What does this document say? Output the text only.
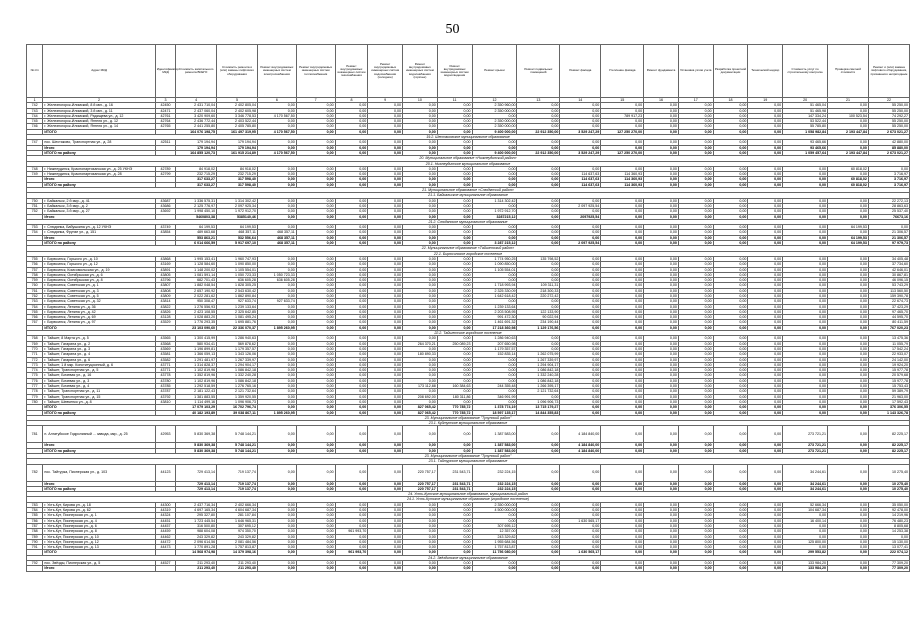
50
№ п/п	Адрес МКД	Идентификатор МКД	Стоимость капитального ремонта ВСЕГО	Стоимость ремонта и (или) замены лифтового оборудования	Ремонт внутридомовых инженерных систем электроснабжения	Ремонт внутридомовых инженерных систем теплоснабжения	Ремонт внутридомовых инженерных систем газоснабжения	Ремонт внутридомовых инженерных систем водоснабжения (холодное)	Ремонт внутридомовых инженерных систем водоснабжения (горячее)	Ремонт внутридомовых инженерных систем водоотведения	Ремонт крыши	Ремонт подвальных помещений	Ремонт фасада	Утепление фасада	Ремонт фундамента	Установка узлов учета	Разработка проектной документации	Технический надзор	Стоимость услуг по строительному контролю	Проверка сметной стоимости	Ремонт и (или) замена лифтового оборудования, признанного непригодным
1	2	3	4	5	6	7	8	9	10	11	12	13	14	15	16	17	18	19	20	21	22
742	г. Железногорск-Илимский, 8 й квл., д. 16	42450	2 431 710,04	2 402 805,04	0,00	0,00	0,00	0,00	0,00	0,00	2 350 960,00	0,00	0,00	0,00	0,00	0,00	0,00	0,00	51 465,04	0,00	55 250,00
743	г. Железногорск-Илимский, 3 й квл., д. 11	42471	2 437 060,04	2 402 605,98	0,00	0,00	0,00	0,00	0,00	0,00	2 350 000,00	0,00	0,00	0,00	0,00	0,00	0,00	0,00	51 465,98	0,00	55 250,00
744	г. Железногорск-Илимский, Радищева ул., д. 12	42761	3 420 909,60	3 346 778,53	4 170 567,50	0,00	0,00	0,00	0,00	0,00	0,00	0,00	0,00	789 917,23	0,00	0,00	0,00	0,00	147 334,24	100 523,54	74 292,27
745	г. Железногорск-Илимский, Янгеля ул., д. 12	42764	2 436 772,44	2 403 522,44	0,00	0,00	0,00	0,00	0,00	0,00	2 350 000,00	0,00	0,00	0,00	0,00	0,00	0,00	0,00	53 522,44	0,00	55 250,00
746	г. Железногорск-Илимский, Янгеля ул., д. 14	42765	2 441 255,80	2 405 785,80	0,00	0,00	0,00	0,00	0,00	0,00	2 350 000,00	0,00	0,00	0,00	0,00	0,00	0,00	0,00	55 785,80	0,00	55 250,00
	ИТОГО		164 076 198,75	161 497 319,95	4 170 567,50	0,00	0,00	0,00	0,00	0,00	9 400 000,00	22 912 350,00	3 529 247,29	127 250 270,00	0,00	0,00	0,00	0,00	1 058 982,84	2 193 447,84	2 673 021,27
19.2. Шестаковское муниципальное образование																					
747	пос. Шестаково, Транспортная ул., д. 28	42511	179 194,94	179 194,94	0,00	0,00	0,00	0,00	0,00	0,00	0,00	0,00	0,00	0,00	0,00	0,00	0,00	0,00	93 465,66	0,00	42 880,00
	Итого		179 194,94	179 194,94	0,00	0,00	0,00	0,00	0,00	0,00	0,00	0,00	0,00	0,00	0,00	0,00	0,00	0,00	93 465,66	0,00	85 880,00
	ИТОГО по району		164 855 120,73	161 915 214,89	4 170 567,50	0,00	0,00	0,00	0,00	0,00	9 400 000,00	22 912 350,00	3 529 247,29	127 250 270,00	0,00	0,00	0,00	0,00	1 059 457,64	2 193 447,84	2 673 021,27
20. Муниципальное образование «Нижнеудинский район»																					
20.1. Нижнеудинское муниципальное образование																					
748	г. Нижнеудинск, Краснопартизанская ул., д. 25 УКНЭ	42789	84 918,02	84 918,02	0,00	0,00	0,00	0,00	0,00	0,00	0,00	0,00	0,00	0,00	0,00	0,00	0,00	0,00	0,00	60 818,02	0,00
749	г. Нижнеудинск, Краснопартизанская ул., д. 28	42799	232 715,29	232 715,29	0,00	0,00	0,00	0,00	0,00	0,00	0,00	0,00	114 637,63	114 360,93	0,00	0,00	0,00	0,00	0,00	0,00	3 716,97
	Итого		317 633,27	317 598,40	0,00	0,00	0,00	0,00	0,00	0,00	0,00	0,00	114 637,63	114 360,93	0,00	0,00	0,00	0,00	0,00	60 818,02	3 716,97
	ИТОГО по району		317 633,27	317 598,40	0,00	0,00	0,00	0,00	0,00	0,00	0,00	0,00	114 637,63	114 360,93	0,00	0,00	0,00	0,00	0,00	60 818,02	3 716,97
21. Муниципальное образование «Слюдянский район»																					
21.1. Байкальское муниципальное образование																					
750	г. Байкальск, 2 й мкр., д. 41	43687	1 336 575,31	1 314 302,42	0,00	0,00	0,00	0,00	0,00	0,00	1 314 302,42	0,00	0,00	0,00	0,00	0,00	0,00	0,00	0,00	0,00	22 272,13
751	г. Байкальск, 3 й мкр., д. 2	43686	2 125 776,97	2 097 925,34	0,00	0,00	0,00	0,00	0,00	0,00	0,00	0,00	2 097 925,54	0,00	0,00	0,00	0,00	0,00	0,00	0,00	28 863,63
752	г. Байкальск, 3 й мкр., д. 27	43692	1 998 450,10	1 972 912,70	0,00	0,00	0,00	0,00	0,00	0,00	1 972 912,70	0,00	0,00	0,00	0,00	0,00	0,00	0,00	0,00	0,00	25 537,40
	Итого		5460803,38	5385140,46	0,00	0,00	0,00	0,00	0,00	0,00	3287215,12	0,00	2097925,54	0,00	0,00	0,00	0,00	0,00	0,00	0,00	76673,16
21.2. Слюдянское муниципальное образование																					
753	г. Слюдянка, Бабушкина ул., д. 12 УКНЭ	43749	64 199,53	64 199,53	0,00	0,00	0,00	0,00	0,00	0,00	0,00	0,00	0,00	0,00	0,00	0,00	0,00	0,00	0,00	64 199,53	0,00
754	г. Слюдянка, Фрунзе ул., д. 151	43854	489 663,68	468 357,11	468 357,11	0,00	0,00	0,00	0,00	0,00	0,00	0,00	0,00	0,00	0,00	0,00	0,00	0,00	0,00	0,00	21 306,57
	Итого		553 863,21	532 556,64	468 357,11	0,00	0,00	0,00	0,00	0,00	0,00	0,00	0,00	0,00	0,00	0,00	0,00	0,00	0,00	64 199,53	21 306,57
	ИТОГО по району		6 014 666,59	5 917 697,10	468 357,11	0,00	0,00	0,00	0,00	0,00	3 287 215,12	0,00	2 097 925,54	0,00	0,00	0,00	0,00	0,00	0,00	64 199,53	97 979,73
22. Муниципальное образование «Тайшетский район»																					
22.1. Бирюсинское городское поселение																					
755	г. Бирюсинск, Горького ул., д. 10	43868	1 995 153,41	1 960 747,93	0,00	0,00	0,00	0,00	0,00	0,00	1 774 950,25	135 798,52	0,00	0,00	0,00	0,00	0,00	0,00	0,00	0,00	34 405,48
756	г. Бирюсинск, Горького ул., д. 12	43169	1 128 584,60	1 090 850,00	0,00	0,00	0,00	0,00	0,00	0,00	1 090 850,00	0,00	0,00	0,00	0,00	0,00	0,00	0,00	0,00	0,00	37 734,60
757	г. Бирюсинск, Комсомольская ул., д. 19	43891	1 148 200,02	1 105 554,01	0,00	0,00	0,00	0,00	0,00	0,00	1 105 554,01	0,00	0,00	0,00	0,00	0,00	0,00	0,00	0,00	0,00	42 646,01
758	г. Бирюсинск, Октябрьская ул., д. 6	43805	1 081 591,14	1 050 723,33	1 050 723,33	0,00	0,00	0,00	0,00	0,00	0,00	0,00	0,00	0,00	0,00	0,00	0,00	0,00	0,00	0,00	30 867,81
759	г. Бирюсинск, Октябрьская ул., д. 8	43796	682 701,43	636 605,28	636 605,28	0,00	0,00	0,00	0,00	0,00	0,00	0,00	0,00	0,00	0,00	0,00	0,00	0,00	0,00	0,00	46 096,15
760	г. Бирюсинск, Советская ул., д. 1	43807	1 882 048,54	1 828 305,25	0,00	0,00	0,00	0,00	0,00	0,00	1 718 993,94	109 311,31	0,00	0,00	0,00	0,00	0,00	0,00	0,00	0,00	53 743,29
761	г. Бирюсинск, Советская ул., д. 3	43808	2 657 190,92	2 543 630,42	0,00	0,00	0,00	0,00	0,00	0,00	2 325 330,09	218 300,33	0,00	0,00	0,00	0,00	0,00	0,00	0,00	0,00	113 560,50
762	г. Бирюсинск, Советская ул., д. 5	43809	2 022 281,62	1 862 890,84	0,00	0,00	0,00	0,00	0,00	0,00	1 642 618,42	220 272,42	0,00	0,00	0,00	0,00	0,00	0,00	0,00	0,00	159 390,78
763	г. Бирюсинск, Советская ул., д. 32	43814	950 308,47	927 633,74	927 633,74	0,00	0,00	0,00	0,00	0,00	0,00	0,00	0,00	0,00	0,00	0,00	0,00	0,00	0,00	0,00	22 674,73
764	г. Бирюсинск, Ленина ул., д. 36	43822	1 276 556,93	1 239 133,64	0,00	0,00	0,00	0,00	0,00	0,00	1 239 133,64	0,00	0,00	0,00	0,00	0,00	0,00	0,00	0,00	0,00	37 423,29
765	г. Бирюсинск, Ленина ул., д. 42	43826	2 423 108,55	2 325 642,85	0,00	0,00	0,00	0,00	0,00	0,00	2 203 508,95	122 133,90	0,00	0,00	0,00	0,00	0,00	0,00	0,00	0,00	97 465,70
766	г. Бирюсинск, Ленина ул., д. 69	43128	1 028 883,20	1 081 495,24	0,00	0,00	0,00	0,00	0,00	0,00	991 472,30	90 022,94	0,00	0,00	0,00	0,00	0,00	0,00	0,00	0,00	44 595,70
767	г. Бирюсинск, Ленина ул., д. 97	43529	1 776 293,35	1 695 881,76	0,00	0,00	0,00	0,00	0,00	0,00	1 461 691,32	234 190,44	0,00	0,00	0,00	0,00	0,00	0,00	0,00	0,00	80 411,59
	ИТОГО		23 103 090,60	22 336 070,37	1 895 260,95	0,00	0,00	0,00	0,00	0,00	17 218 360,98	1 129 176,56	0,00	0,00	0,00	0,00	0,00	0,00	0,00	0,00	767 020,23
22.2. Тайшетское городское поселение																					
768	г. Тайшет, 8 Марта ул., д. 5	43565	1 300 415,99	1 286 940,63	0,00	0,00	0,00	0,00	0,00	0,00	1 286 940,63	0,00	0,00	0,00	0,00	0,00	0,00	0,00	0,00	0,00	13 475,36
769	г. Тайшет, Гагарина ул., д. 2	43568	580 934,41	569 878,62	0,00	0,00	0,00	0,00	264 370,21	250 089,23	207 650,98	0,00	0,00	0,00	0,00	0,00	0,00	0,00	0,00	0,00	11 055,79
770	г. Тайшет, Гагарина ул., д. 3	43569	1 196 899,81	1 179 357,57	0,00	0,00	0,00	0,00	0,00	0,00	1 179 357,57	0,00	0,00	0,00	0,00	0,00	0,00	0,00	0,00	0,00	17 542,24
771	г. Тайшет, Гагарина ул., д. 4	43581	1 366 059,13	1 343 126,06	0,00	0,00	0,00	0,00	180 890,33	0,00	152 835,14	1 262 075,99	0,00	0,00	0,00	0,00	0,00	0,00	0,00	0,00	22 933,07
772	г. Тайшет, Гагарина ул., д. 6	43582	1 291 481,97	1 267 339,97	0,00	0,00	0,00	0,00	0,00	0,00	0,00	1 267 339,97	0,00	0,00	0,00	0,00	0,00	0,00	0,00	0,00	24 142,00
773	г. Тайшет, 1 й мкр. Конституционный, д. 6	43771	1 314 828,37	1 294 904,17	0,00	0,00	0,00	0,00	0,00	0,00	0,00	1 294 904,17	0,00	0,00	0,00	0,00	0,00	0,00	0,00	0,00	19 924,20
774	г. Тайшет, Транспортная ул., д. 5	43771	1 102 819,96	1 086 842,18	0,00	0,00	0,00	0,00	0,00	0,00	0,00	1 086 842,18	0,00	0,00	0,00	0,00	0,00	0,00	0,00	0,00	15 977,78
775	г. Тайшет, Бичевая ул., д. 16	43778	1 352 819,96	1 332 240,28	0,00	0,00	0,00	0,00	0,00	0,00	0,00	1 332 240,28	0,00	0,00	0,00	0,00	0,00	0,00	0,00	0,00	20 579,68
776	г. Тайшет, Бичевая ул., д. 3	43780	1 102 819,96	1 086 842,18	0,00	0,00	0,00	0,00	0,00	0,00	0,00	1 086 842,18	0,00	0,00	0,00	0,00	0,00	0,00	0,00	0,00	15 977,78
777	г. Тайшет, Бичевая ул., д. 4	43785	1 292 518,59	1 276 765,16	0,00	0,00	0,00	0,00	173 112,88	160 384,63	244 355,48	1 266 395,17	0,00	0,00	0,00	0,00	0,00	0,00	0,00	0,00	15 753,43
778	г. Тайшет, Транспортная ул., д. 11	43787	2 181 122,43	2 121 732,64	0,00	0,00	0,00	0,00	0,00	0,00	0,00	2 121 732,64	0,00	0,00	0,00	0,00	0,00	0,00	0,00	0,00	59 389,79
779	г. Тайшет, Транспортная ул., д. 15	43792	1 381 883,55	1 359 920,55	0,00	0,00	0,00	0,00	208 692,00	180 311,86	346 991,99	0,00	0,00	0,00	0,00	0,00	0,00	0,00	0,00	0,00	21 963,00
780	г. Тайшет, Шевченко ул., д. 8	43810	1 114 499,16	1 096 906,73	0,00	0,00	0,00	0,00	0,00	0,00	0,00	1 096 906,73	0,00	0,00	0,00	0,00	0,00	0,00	0,00	0,00	17 592,43
	ИТОГО		17 079 103,29	16 702 796,74	0,00	0,00	0,00	0,00	827 065,42	770 785,72	1 378 774,19	13 715 179,27	0,00	0,00	0,00	0,00	0,00	0,00	0,00	0,00	376 306,55
	ИТОГО по району		40 182 193,89	39 038 867,11	1 895 260,95	0,00	0,00	0,00	827 065,42	770 785,72	18 597 135,17	14 844 355,83	0,00	0,00	0,00	0,00	0,00	0,00	0,00	0,00	1 143 326,78
23. Муниципальное образование "Тулунский район"																					
23.1. Куйтунское муниципальное образование																					
781	п. Алгатуйское Гидролизный ... завода, мкр., д. 25	42953	5 830 369,38	5 748 144,21	0,00	0,00	0,00	0,00	0,00	0,00	1 387 583,00	0,00	4 184 840,00	0,00	0,00	0,00	0,00	0,00	273 721,21	0,00	82 225,17
	Итого		5 830 369,38	5 748 144,21	0,00	0,00	0,00	0,00	0,00	0,00	1 387 583,00	0,00	4 184 840,00	0,00	0,00	0,00	0,00	0,00	273 721,21	0,00	82 225,17
	ИТОГО по району		5 830 369,38	5 748 144,21	0,00	0,00	0,00	0,00	0,00	0,00	1 387 583,00	0,00	4 184 840,00	0,00	0,00	0,00	0,00	0,00	273 721,21	0,00	82 225,17
23. Муниципальное образование "Тулунский район"																					
23.1. Тайтурское муниципальное образование																					
782	пос. Тайтурка, Пионерская ул., д. 103	44123	729 413,14	719 137,74	0,00	0,00	0,00	0,00	220 757,17	231 543,71	232 224,15	0,00	0,00	0,00	0,00	0,00	0,00	0,00	34 244,61	0,00	10 275,40
	Итого		729 413,14	719 137,74	0,00	0,00	0,00	0,00	220 757,17	231 543,71	232 224,15	0,00	0,00	0,00	0,00	0,00	0,00	0,00	34 244,61	0,00	10 275,40
	ИТОГО по району		729 413,14	719 137,74	0,00	0,00	0,00	0,00	220 757,17	231 543,71	232 224,15	0,00	0,00	0,00	0,00	0,00	0,00	0,00	34 244,61	0,00	10 275,40
24. Усть-Кутское муниципальное образование, муниципальный район																					
24.1. Усть-Кутское муниципальное образование (городское поселение)																					
783	г. Усть-Кут, Кирова ул., д. 18	44300	2 437 716,34	2 402 666,34	0,00	0,00	0,00	0,00	0,00	0,00	2 350 000,00	0,00	0,00	0,00	0,00	0,00	0,00	0,00	52 666,34	0,00	35 050,00
784	г. Усть-Кут, Кирова ул., д. 62	44319	4 697 165,34	4 604 687,34	0,00	0,00	0,00	0,00	0,00	0,00	4 500 000,00	0,00	0,00	0,00	0,00	0,00	0,00	0,00	104 687,34	0,00	92 478,00
785	г. Усть-Кут, Пионерская ул., д. 1	44324	295 327,80	281 107,84	0,00	0,00	0,00	0,00	0,00	0,00	0,00	0,00	0,00	0,00	0,00	0,00	0,00	0,00	0,00	0,00	14 219,96
786	г. Усть-Кут, Пионерская ул., д. 4	44451	1 723 445,54	1 646 965,31	0,00	0,00	0,00	0,00	0,00	0,00	0,00	0,00	1 630 565,17	0,00	0,00	0,00	0,00	0,00	16 400,14	0,00	76 480,23
787	г. Усть-Кут, Пионерская ул., д. 6	44457	316 500,80	307 695,12	0,00	0,00	0,00	0,00	0,00	0,00	307 695,12	0,00	0,00	0,00	0,00	0,00	0,00	0,00	0,00	0,00	8 805,68
788	г. Усть-Кут, Пионерская ул., д. 8	44459	988 604,08	974 350,70	0,00	0,00	961 993,70	0,00	0,00	0,00	12 357,00	0,00	0,00	0,00	0,00	0,00	0,00	0,00	0,00	0,00	14 253,38
789	г. Усть-Кут, Пионерская ул., д. 10	44462	243 329,82	243 329,82	0,00	0,00	0,00	0,00	0,00	0,00	243 329,82	0,00	0,00	0,00	0,00	0,00	0,00	0,00	0,00	0,00	0,00
790	г. Усть-Кут, Пионерская ул., д. 12	44472	2 096 614,56	2 081 484,56	0,00	0,00	0,00	0,00	0,00	0,00	1 955 684,56	0,00	0,00	0,00	0,00	0,00	0,00	0,00	125 800,00	0,00	15 130,00
791	г. Усть-Кут, Пионерская ул., д. 13	44473	1 770 891,28	1 757 813,87	0,00	0,00	0,00	0,00	0,00	0,00	1 757 813,87	0,00	0,00	0,00	0,00	0,00	0,00	0,00	0,00	0,00	13 077,41
	ИТОГО		14 568 974,98	14 379 398,16	0,00	0,00	961 993,70	0,00	0,00	0,00	11 756 080,00	0,00	1 630 565,17	0,00	0,00	0,00	0,00	0,00	299 553,82	0,00	222 074,12
24.2. Звёздинское муниципальное образование																					
792	пос. Звёзды, Пионерская ул., д. 5	44527	211 293,40	211 293,40	0,00	0,00	0,00	0,00	0,00	0,00	0,00	0,00	0,00	0,00	0,00	0,00	0,00	0,00	133 984,20	0,00	77 309,20
	Итого		211 293,40	211 293,40	0,00	0,00	0,00	0,00	0,00	0,00	0,00	0,00	0,00	0,00	0,00	0,00	0,00	0,00	133 984,20	0,00	77 309,20
